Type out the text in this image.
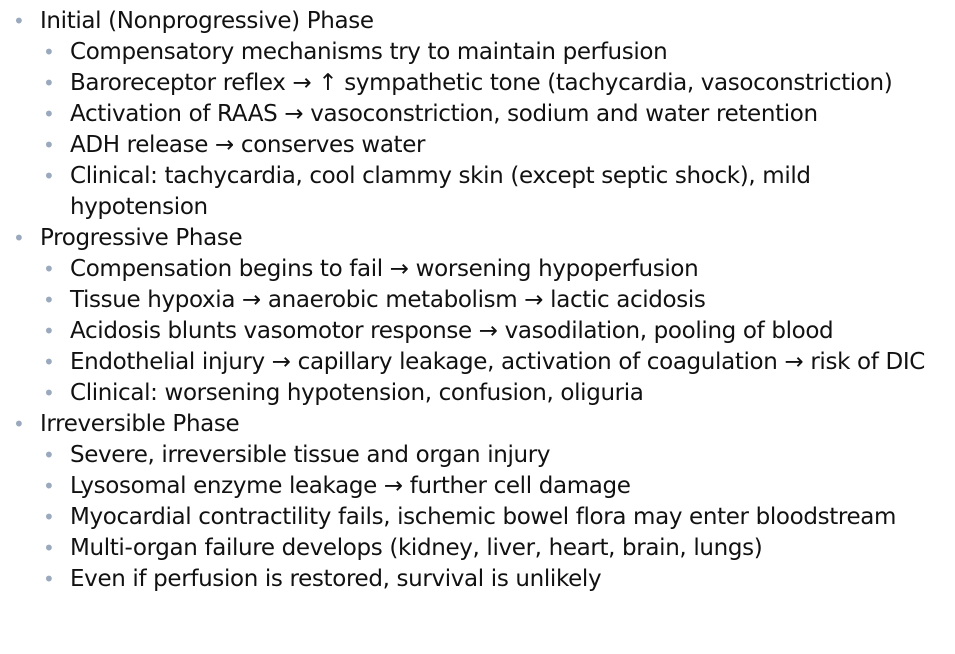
• Initial (Nonprogressive) Phase
• Compensatory mechanisms try to maintain perfusion
• Baroreceptor reflex → ↑ sympathetic tone (tachycardia, vasoconstriction)
• Activation of RAAS → vasoconstriction, sodium and water retention
• ADH release → conserves water
• Clinical: tachycardia, cool clammy skin (except septic shock), mild hypotension
• Progressive Phase
• Compensation begins to fail → worsening hypoperfusion
• Tissue hypoxia → anaerobic metabolism → lactic acidosis
• Acidosis blunts vasomotor response → vasodilation, pooling of blood
• Endothelial injury → capillary leakage, activation of coagulation → risk of DIC
• Clinical: worsening hypotension, confusion, oliguria
• Irreversible Phase
• Severe, irreversible tissue and organ injury
• Lysosomal enzyme leakage → further cell damage
• Myocardial contractility fails, ischemic bowel flora may enter bloodstream
• Multi-organ failure develops (kidney, liver, heart, brain, lungs)
• Even if perfusion is restored, survival is unlikely
